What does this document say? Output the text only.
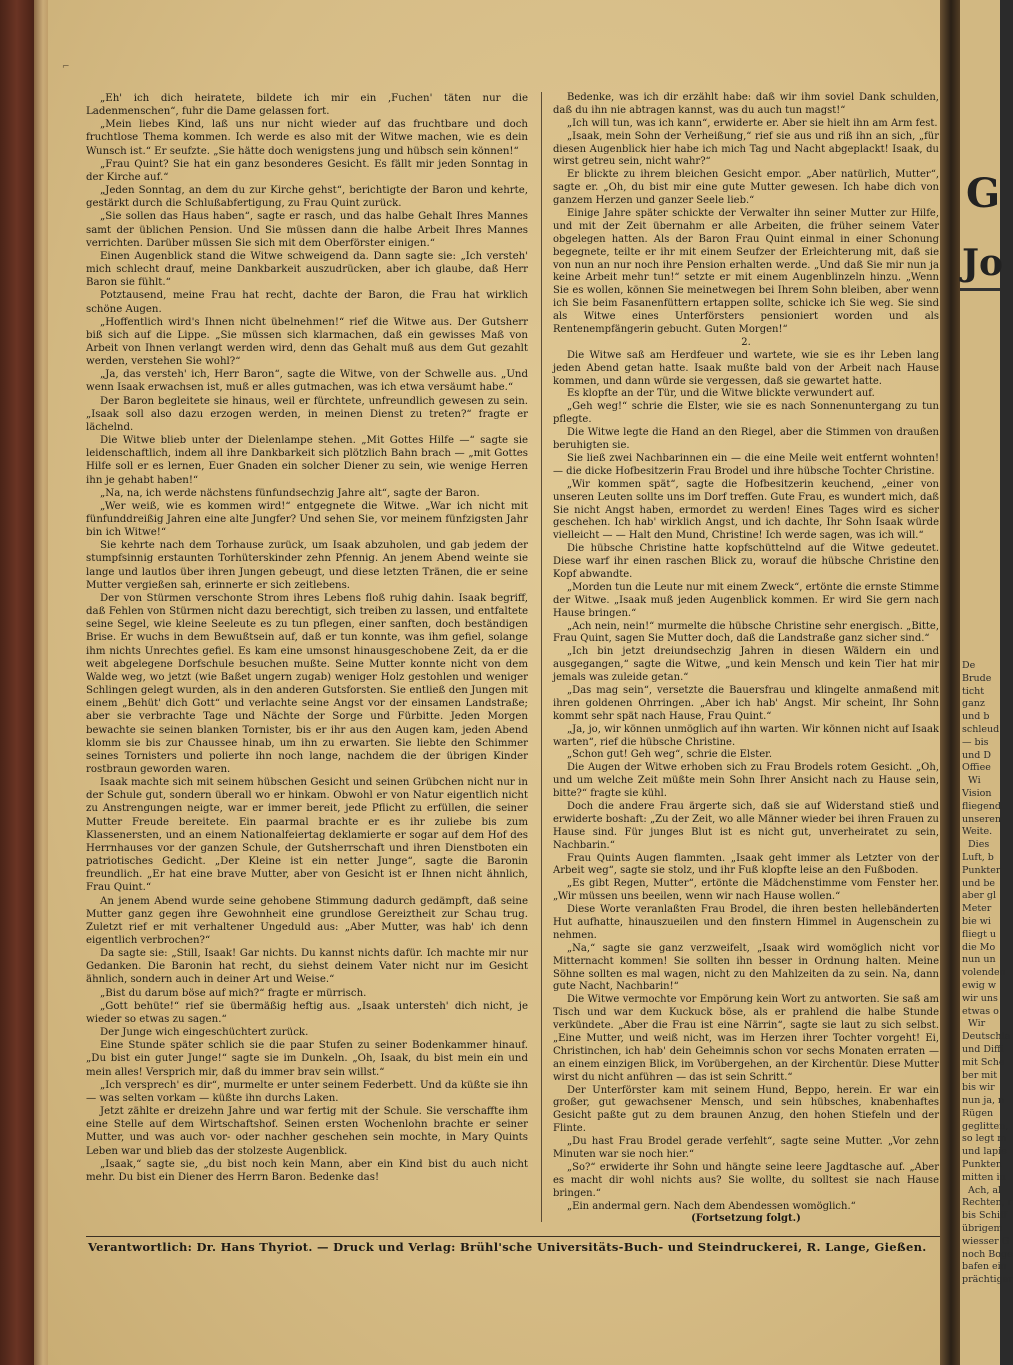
⌐

„Eh' ich dich heiratete, bildete ich mir ein ‚Fuchen' täten nur die Ladenmenschen“, fuhr die Dame gelassen fort.

„Mein liebes Kind, laß uns nur nicht wieder auf das fruchtbare und doch fruchtlose Thema kommen. Ich werde es also mit der Witwe machen, wie es dein Wunsch ist.“ Er seufzte. „Sie hätte doch wenigstens jung und hübsch sein können!“

„Frau Quint? Sie hat ein ganz besonderes Gesicht. Es fällt mir jeden Sonntag in der Kirche auf.“

„Jeden Sonntag, an dem du zur Kirche gehst“, berichtigte der Baron und kehrte, gestärkt durch die Schlußabfertigung, zu Frau Quint zurück.

„Sie sollen das Haus haben“, sagte er rasch, und das halbe Gehalt Ihres Mannes samt der üblichen Pension. Und Sie müssen dann die halbe Arbeit Ihres Mannes verrichten. Darüber müssen Sie sich mit dem Oberförster einigen.“

Einen Augenblick stand die Witwe schweigend da. Dann sagte sie: „Ich versteh' mich schlecht drauf, meine Dankbarkeit auszudrücken, aber ich glaube, daß Herr Baron sie fühlt.“

Potztausend, meine Frau hat recht, dachte der Baron, die Frau hat wirklich schöne Augen.

„Hoffentlich wird's Ihnen nicht übelnehmen!“ rief die Witwe aus. Der Gutsherr biß sich auf die Lippe. „Sie müssen sich klarmachen, daß ein gewisses Maß von Arbeit von Ihnen verlangt werden wird, denn das Gehalt muß aus dem Gut gezahlt werden, verstehen Sie wohl?“

„Ja, das versteh' ich, Herr Baron“, sagte die Witwe, von der Schwelle aus. „Und wenn Isaak erwachsen ist, muß er alles gutmachen, was ich etwa versäumt habe.“

Der Baron begleitete sie hinaus, weil er fürchtete, unfreundlich gewesen zu sein. „Isaak soll also dazu erzogen werden, in meinen Dienst zu treten?“ fragte er lächelnd.

Die Witwe blieb unter der Dielenlampe stehen. „Mit Gottes Hilfe —“ sagte sie leidenschaftlich, indem all ihre Dankbarkeit sich plötzlich Bahn brach — „mit Gottes Hilfe soll er es lernen, Euer Gnaden ein solcher Diener zu sein, wie wenige Herren ihn je gehabt haben!“

„Na, na, ich werde nächstens fünfundsechzig Jahre alt“, sagte der Baron.

„Wer weiß, wie es kommen wird!“ entgegnete die Witwe. „War ich nicht mit fünfunddreißig Jahren eine alte Jungfer? Und sehen Sie, vor meinem fünfzigsten Jahr bin ich Witwe!“

Sie kehrte nach dem Torhause zurück, um Isaak abzuholen, und gab jedem der stumpfsinnig erstaunten Torhüterskinder zehn Pfennig. An jenem Abend weinte sie lange und lautlos über ihren Jungen gebeugt, und diese letzten Tränen, die er seine Mutter vergießen sah, erinnerte er sich zeitlebens.

Der von Stürmen verschonte Strom ihres Lebens floß ruhig dahin. Isaak begriff, daß Fehlen von Stürmen nicht dazu berechtigt, sich treiben zu lassen, und entfaltete seine Segel, wie kleine Seeleute es zu tun pflegen, einer sanften, doch beständigen Brise. Er wuchs in dem Bewußtsein auf, daß er tun konnte, was ihm gefiel, solange ihm nichts Unrechtes gefiel. Es kam eine umsonst hinausgeschobene Zeit, da er die weit abgelegene Dorfschule besuchen mußte. Seine Mutter konnte nicht von dem Walde weg, wo jetzt (wie Baßet ungern zugab) weniger Holz gestohlen und weniger Schlingen gelegt wurden, als in den anderen Gutsforsten. Sie entließ den Jungen mit einem „Behüt' dich Gott“ und verlachte seine Angst vor der einsamen Landstraße; aber sie verbrachte Tage und Nächte der Sorge und Fürbitte. Jeden Morgen bewachte sie seinen blanken Tornister, bis er ihr aus den Augen kam, jeden Abend klomm sie bis zur Chaussee hinab, um ihn zu erwarten. Sie liebte den Schimmer seines Tornisters und polierte ihn noch lange, nachdem die der übrigen Kinder rostbraun geworden waren.

Isaak machte sich mit seinem hübschen Gesicht und seinen Grübchen nicht nur in der Schule gut, sondern überall wo er hinkam. Obwohl er von Natur eigentlich nicht zu Anstrengungen neigte, war er immer bereit, jede Pflicht zu erfüllen, die seiner Mutter Freude bereitete. Ein paarmal brachte er es ihr zuliebe bis zum Klassenersten, und an einem Nationalfeiertag deklamierte er sogar auf dem Hof des Herrnhauses vor der ganzen Schule, der Gutsherrschaft und ihren Dienstboten ein patriotisches Gedicht. „Der Kleine ist ein netter Junge“, sagte die Baronin freundlich. „Er hat eine brave Mutter, aber von Gesicht ist er Ihnen nicht ähnlich, Frau Quint.“

An jenem Abend wurde seine gehobene Stimmung dadurch gedämpft, daß seine Mutter ganz gegen ihre Gewohnheit eine grundlose Gereiztheit zur Schau trug. Zuletzt rief er mit verhaltener Ungeduld aus: „Aber Mutter, was hab' ich denn eigentlich verbrochen?“

Da sagte sie: „Still, Isaak! Gar nichts. Du kannst nichts dafür. Ich machte mir nur Gedanken. Die Baronin hat recht, du siehst deinem Vater nicht nur im Gesicht ähnlich, sondern auch in deiner Art und Weise.“

„Bist du darum böse auf mich?“ fragte er mürrisch.

„Gott behüte!“ rief sie übermäßig heftig aus. „Isaak untersteh' dich nicht, je wieder so etwas zu sagen.“

Der Junge wich eingeschüchtert zurück.

Eine Stunde später schlich sie die paar Stufen zu seiner Bodenkammer hinauf. „Du bist ein guter Junge!“ sagte sie im Dunkeln. „Oh, Isaak, du bist mein ein und mein alles! Versprich mir, daß du immer brav sein willst.“

„Ich versprech' es dir“, murmelte er unter seinem Federbett. Und da küßte sie ihn — was selten vorkam — küßte ihn durchs Laken.

Jetzt zählte er dreizehn Jahre und war fertig mit der Schule. Sie verschaffte ihm eine Stelle auf dem Wirtschaftshof. Seinen ersten Wochenlohn brachte er seiner Mutter, und was auch vor- oder nachher geschehen sein mochte, in Mary Quints Leben war und blieb das der stolzeste Augenblick.

„Isaak,“ sagte sie, „du bist noch kein Mann, aber ein Kind bist du auch nicht mehr. Du bist ein Diener des Herrn Baron. Bedenke das!

Bedenke, was ich dir erzählt habe: daß wir ihm soviel Dank schulden, daß du ihn nie abtragen kannst, was du auch tun magst!“

„Ich will tun, was ich kann“, erwiderte er. Aber sie hielt ihn am Arm fest.

„Isaak, mein Sohn der Verheißung,“ rief sie aus und riß ihn an sich, „für diesen Augenblick hier habe ich mich Tag und Nacht abgeplackt! Isaak, du wirst getreu sein, nicht wahr?“

Er blickte zu ihrem bleichen Gesicht empor. „Aber natürlich, Mutter“, sagte er. „Oh, du bist mir eine gute Mutter gewesen. Ich habe dich von ganzem Herzen und ganzer Seele lieb.“

Einige Jahre später schickte der Verwalter ihn seiner Mutter zur Hilfe, und mit der Zeit übernahm er alle Arbeiten, die früher seinem Vater obgelegen hatten. Als der Baron Frau Quint einmal in einer Schonung begegnete, teilte er ihr mit einem Seufzer der Erleichterung mit, daß sie von nun an nur noch ihre Pension erhalten werde. „Und daß Sie mir nun ja keine Arbeit mehr tun!“ setzte er mit einem Augenblinzeln hinzu. „Wenn Sie es wollen, können Sie meinetwegen bei Ihrem Sohn bleiben, aber wenn ich Sie beim Fasanenfüttern ertappen sollte, schicke ich Sie weg. Sie sind als Witwe eines Unterförsters pensioniert worden und als Rentenempfängerin gebucht. Guten Morgen!“

2.

Die Witwe saß am Herdfeuer und wartete, wie sie es ihr Leben lang jeden Abend getan hatte. Isaak mußte bald von der Arbeit nach Hause kommen, und dann würde sie vergessen, daß sie gewartet hatte.

Es klopfte an der Tür, und die Witwe blickte verwundert auf.

„Geh weg!“ schrie die Elster, wie sie es nach Sonnenuntergang zu tun pflegte.

Die Witwe legte die Hand an den Riegel, aber die Stimmen von draußen beruhigten sie.

Sie ließ zwei Nachbarinnen ein — die eine Meile weit entfernt wohnten! — die dicke Hofbesitzerin Frau Brodel und ihre hübsche Tochter Christine.

„Wir kommen spät“, sagte die Hofbesitzerin keuchend, „einer von unseren Leuten sollte uns im Dorf treffen. Gute Frau, es wundert mich, daß Sie nicht Angst haben, ermordet zu werden! Eines Tages wird es sicher geschehen. Ich hab' wirklich Angst, und ich dachte, Ihr Sohn Isaak würde vielleicht — — Halt den Mund, Christine! Ich werde sagen, was ich will.“

Die hübsche Christine hatte kopfschüttelnd auf die Witwe gedeutet. Diese warf ihr einen raschen Blick zu, worauf die hübsche Christine den Kopf abwandte.

„Morden tun die Leute nur mit einem Zweck“, ertönte die ernste Stimme der Witwe. „Isaak muß jeden Augenblick kommen. Er wird Sie gern nach Hause bringen.“

„Ach nein, nein!“ murmelte die hübsche Christine sehr energisch. „Bitte, Frau Quint, sagen Sie Mutter doch, daß die Landstraße ganz sicher sind.“

„Ich bin jetzt dreiundsechzig Jahren in diesen Wäldern ein und ausgegangen,“ sagte die Witwe, „und kein Mensch und kein Tier hat mir jemals was zuleide getan.“

„Das mag sein“, versetzte die Bauersfrau und klingelte anmaßend mit ihren goldenen Ohrringen. „Aber ich hab' Angst. Mir scheint, Ihr Sohn kommt sehr spät nach Hause, Frau Quint.“

„Ja, jo, wir können unmöglich auf ihn warten. Wir können nicht auf Isaak warten“, rief die hübsche Christine.

„Schon gut! Geh weg“, schrie die Elster.

Die Augen der Witwe erhoben sich zu Frau Brodels rotem Gesicht. „Oh, und um welche Zeit müßte mein Sohn Ihrer Ansicht nach zu Hause sein, bitte?“ fragte sie kühl.

Doch die andere Frau ärgerte sich, daß sie auf Widerstand stieß und erwiderte boshaft: „Zu der Zeit, wo alle Männer wieder bei ihren Frauen zu Hause sind. Für junges Blut ist es nicht gut, unverheiratet zu sein, Nachbarin.“

Frau Quints Augen flammten. „Isaak geht immer als Letzter von der Arbeit weg“, sagte sie stolz, und ihr Fuß klopfte leise an den Fußboden.

„Es gibt Regen, Mutter“, ertönte die Mädchenstimme vom Fenster her. „Wir müssen uns beeilen, wenn wir nach Hause wollen.“

Diese Worte veranlaßten Frau Brodel, die ihren besten hellebänderten Hut aufhatte, hinauszueilen und den finstern Himmel in Augenschein zu nehmen.

„Na,“ sagte sie ganz verzweifelt, „Isaak wird womöglich nicht vor Mitternacht kommen! Sie sollten ihn besser in Ordnung halten. Meine Söhne sollten es mal wagen, nicht zu den Mahlzeiten da zu sein. Na, dann gute Nacht, Nachbarin!“

Die Witwe vermochte vor Empörung kein Wort zu antworten. Sie saß am Tisch und war dem Kuckuck böse, als er prahlend die halbe Stunde verkündete. „Aber die Frau ist eine Närrin“, sagte sie laut zu sich selbst. „Eine Mutter, und weiß nicht, was im Herzen ihrer Tochter vorgeht! Ei, Christinchen, ich hab' dein Geheimnis schon vor sechs Monaten erraten — an einem einzigen Blick, im Vorübergehen, an der Kirchentür. Diese Mutter wirst du nicht anführen — das ist sein Schritt.“

Der Unterförster kam mit seinem Hund, Beppo, herein. Er war ein großer, gut gewachsener Mensch, und sein hübsches, knabenhaftes Gesicht paßte gut zu dem braunen Anzug, den hohen Stiefeln und der Flinte.

„Du hast Frau Brodel gerade verfehlt“, sagte seine Mutter. „Vor zehn Minuten war sie noch hier.“

„So?“ erwiderte ihr Sohn und hängte seine leere Jagdtasche auf. „Aber es macht dir wohl nichts aus? Sie wollte, du solltest sie nach Hause bringen.“

„Ein andermal gern. Nach dem Abendessen womöglich.“

(Fortsetzung folgt.)

Verantwortlich: Dr. Hans Thyriot. — Druck und Verlag: Brühl'sche Universitäts-Buch- und Steindruckerei, R. Lange, Gießen.
G
Jo
De
Brude
ticht
ganz
und b
schleud
— bis
und D
Offiee
Wi
Vision
fliegend
unseren
Weite.
Dies
Luft, b
Punkter
und be
aber gl
Meter
bie wi
fliegt u
die Mo
nun un
volenden
ewig w
wir uns
etwas o
Wir
Deutschla
und Diffi
mit Sche
ber mit
bis wir
nun ja, n
Rügen
geglitten,
so legt m
und lapie
Punkten
mitten in
Ach, al
Rechten, r
bis Schiff
übrigem
wiesser G
noch Boge
bafen ein
prächtiger
